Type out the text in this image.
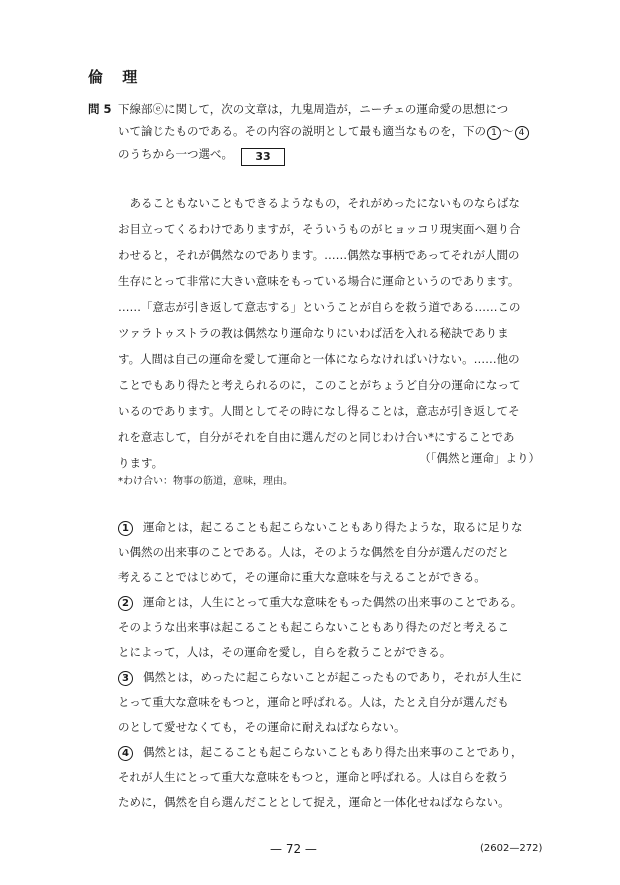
倫 理
問 5 下線部ⓔに関して，次の文章は，九鬼周造が，ニーチェの運命愛の思想につ
いて論じたものである。その内容の説明として最も適当なものを，下の 1 ～ 4
のうちから一つ選べ。 33
　あることもないこともできるようなもの，それがめったにないものならばな
お目立ってくるわけでありますが，そういうものがヒョッコリ現実面へ廻り合
わせると，それが偶然なのであります。……偶然な事柄であってそれが人間の
生存にとって非常に大きい意味をもっている場合に運命というのであります。
……「意志が引き返して意志する」ということが自らを救う道である……この
ツァラトゥストラの教は偶然なり運命なりにいわば活を入れる秘訣でありま
す。人間は自己の運命を愛して運命と一体にならなければいけない。……他の
ことでもあり得たと考えられるのに，このことがちょうど自分の運命になって
いるのであります。人間としてその時になし得ることは，意志が引き返してそ
れを意志して，自分がそれを自由に選んだのと同じわけ合い*にすることであ
ります。	（「偶然と運命」より）
*わけ合い：物事の筋道，意味，理由。
1 運命とは，起こることも起こらないこともあり得たような，取るに足りな
い偶然の出来事のことである。人は，そのような偶然を自分が選んだのだと
考えることではじめて，その運命に重大な意味を与えることができる。
2 運命とは，人生にとって重大な意味をもった偶然の出来事のことである。
そのような出来事は起こることも起こらないこともあり得たのだと考えるこ
とによって，人は，その運命を愛し，自らを救うことができる。
3 偶然とは，めったに起こらないことが起こったものであり，それが人生に
とって重大な意味をもつと，運命と呼ばれる。人は，たとえ自分が選んだも
のとして愛せなくても，その運命に耐えねばならない。
4 偶然とは，起こることも起こらないこともあり得た出来事のことであり，
それが人生にとって重大な意味をもつと，運命と呼ばれる。人は自らを救う
ために，偶然を自ら選んだこととして捉え，運命と一体化せねばならない。
— 72 —	(2602—272)
